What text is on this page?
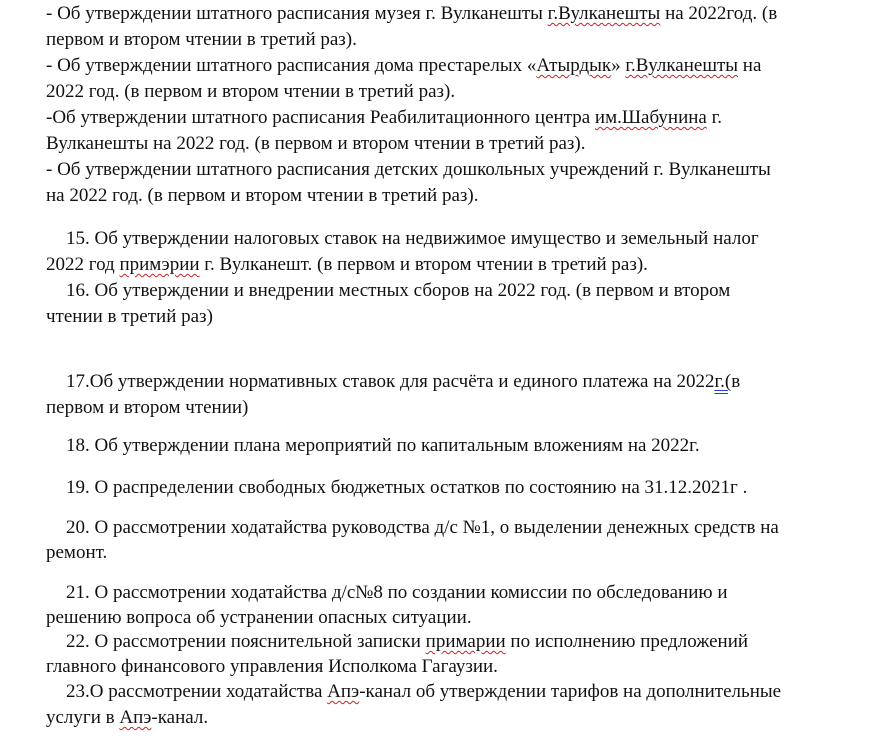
- Об утверждении штатного расписания музея г. Вулканешты г.Вулканешты на 2022год. (в
первом и втором чтении в третий раз).
- Об утверждении штатного расписания дома престарелых «Атырдык» г.Вулканешты на
2022 год. (в первом и втором чтении в третий раз).
-Об утверждении штатного расписания Реабилитационного центра им.Шабунина г.
Вулканешты на 2022 год. (в первом и втором чтении в третий раз).
- Об утверждении штатного расписания детских дошкольных учреждений г. Вулканешты
на 2022 год. (в первом и втором чтении в третий раз).
15. Об утверждении налоговых ставок на недвижимое имущество и земельный налог
2022 год примэрии г. Вулканешт. (в первом и втором чтении в третий раз).
16. Об утверждении и внедрении местных сборов на 2022 год. (в первом и втором
чтении в третий раз)
17.Об утверждении нормативных ставок для расчёта и единого платежа на 2022г.(в
первом и втором чтении)
18. Об утверждении плана мероприятий по капитальным вложениям на 2022г.
19. О распределении свободных бюджетных остатков по состоянию на 31.12.2021г .
20. О рассмотрении ходатайства руководства д/с №1, о выделении денежных средств на
ремонт.
21. О рассмотрении ходатайства д/с№8 по создании комиссии по обследованию и
решению вопроса об устранении опасных ситуации.
22. О рассмотрении пояснительной записки примарии по исполнению предложений
главного финансового управления Исполкома Гагаузии.
23.О рассмотрении ходатайства Апэ-канал об утверждении тарифов на дополнительные
услуги в Апэ-канал.
